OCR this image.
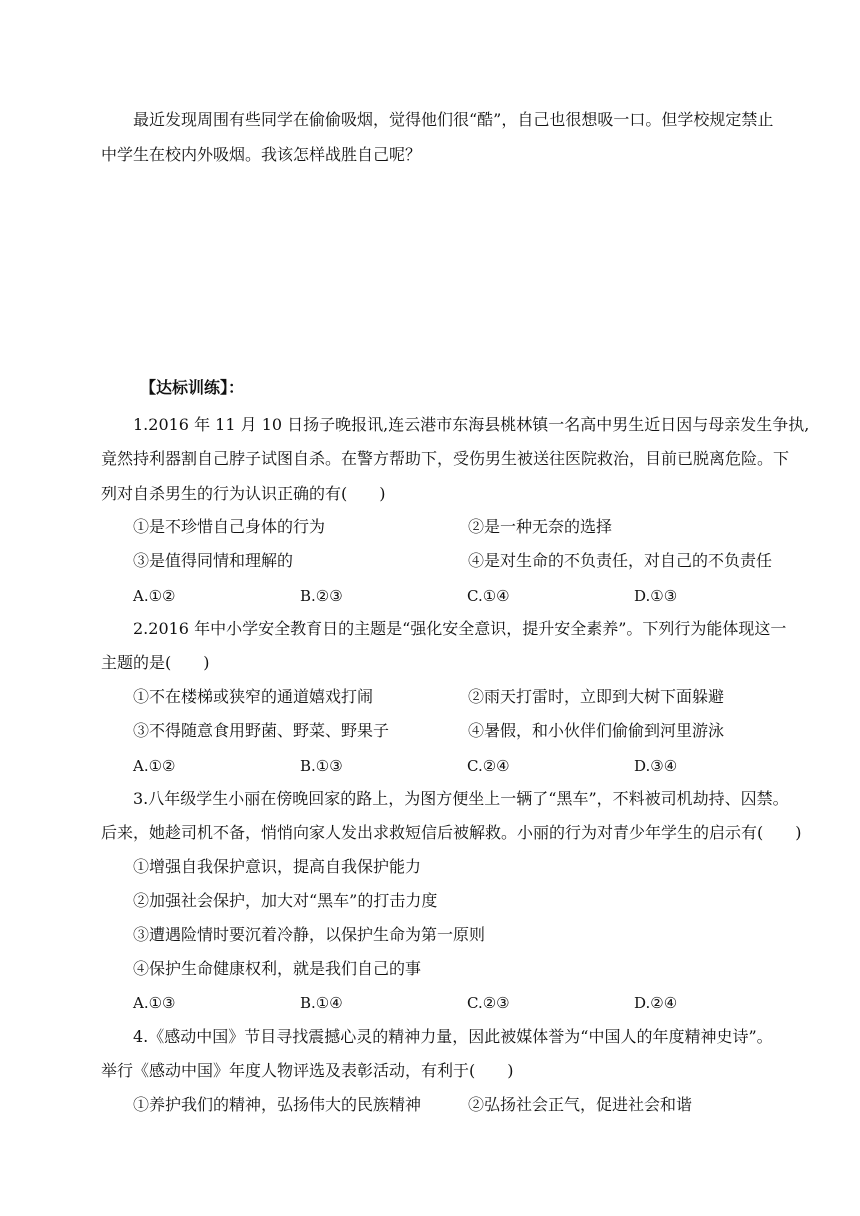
最近发现周围有些同学在偷偷吸烟，觉得他们很“酷”，自己也很想吸一口。但学校规定禁止
中学生在校内外吸烟。我该怎样战胜自己呢？
【达标训练】：
1.2016 年 11 月 10 日扬子晚报讯,连云港市东海县桃林镇一名高中男生近日因与母亲发生争执,
竟然持利器割自己脖子试图自杀。在警方帮助下，受伤男生被送往医院救治，目前已脱离危险。下
列对自杀男生的行为认识正确的有(　　)
①是不珍惜自己身体的行为	②是一种无奈的选择
③是值得同情和理解的	④是对生命的不负责任，对自己的不负责任
A.①②	B.②③	C.①④	D.①③
2.2016 年中小学安全教育日的主题是“强化安全意识，提升安全素养”。下列行为能体现这一
主题的是(　　)
①不在楼梯或狭窄的通道嬉戏打闹	②雨天打雷时，立即到大树下面躲避
③不得随意食用野菌、野菜、野果子	④暑假，和小伙伴们偷偷到河里游泳
A.①②	B.①③	C.②④	D.③④
3.八年级学生小丽在傍晚回家的路上，为图方便坐上一辆了“黑车”，不料被司机劫持、囚禁。
后来，她趁司机不备，悄悄向家人发出求救短信后被解救。小丽的行为对青少年学生的启示有(　　)
①增强自我保护意识，提高自我保护能力
②加强社会保护，加大对“黑车”的打击力度
③遭遇险情时要沉着冷静，以保护生命为第一原则
④保护生命健康权利，就是我们自己的事
A.①③	B.①④	C.②③	D.②④
4.《感动中国》节目寻找震撼心灵的精神力量，因此被媒体誉为“中国人的年度精神史诗”。
举行《感动中国》年度人物评选及表彰活动，有利于(　　)
①养护我们的精神，弘扬伟大的民族精神	②弘扬社会正气，促进社会和谐
